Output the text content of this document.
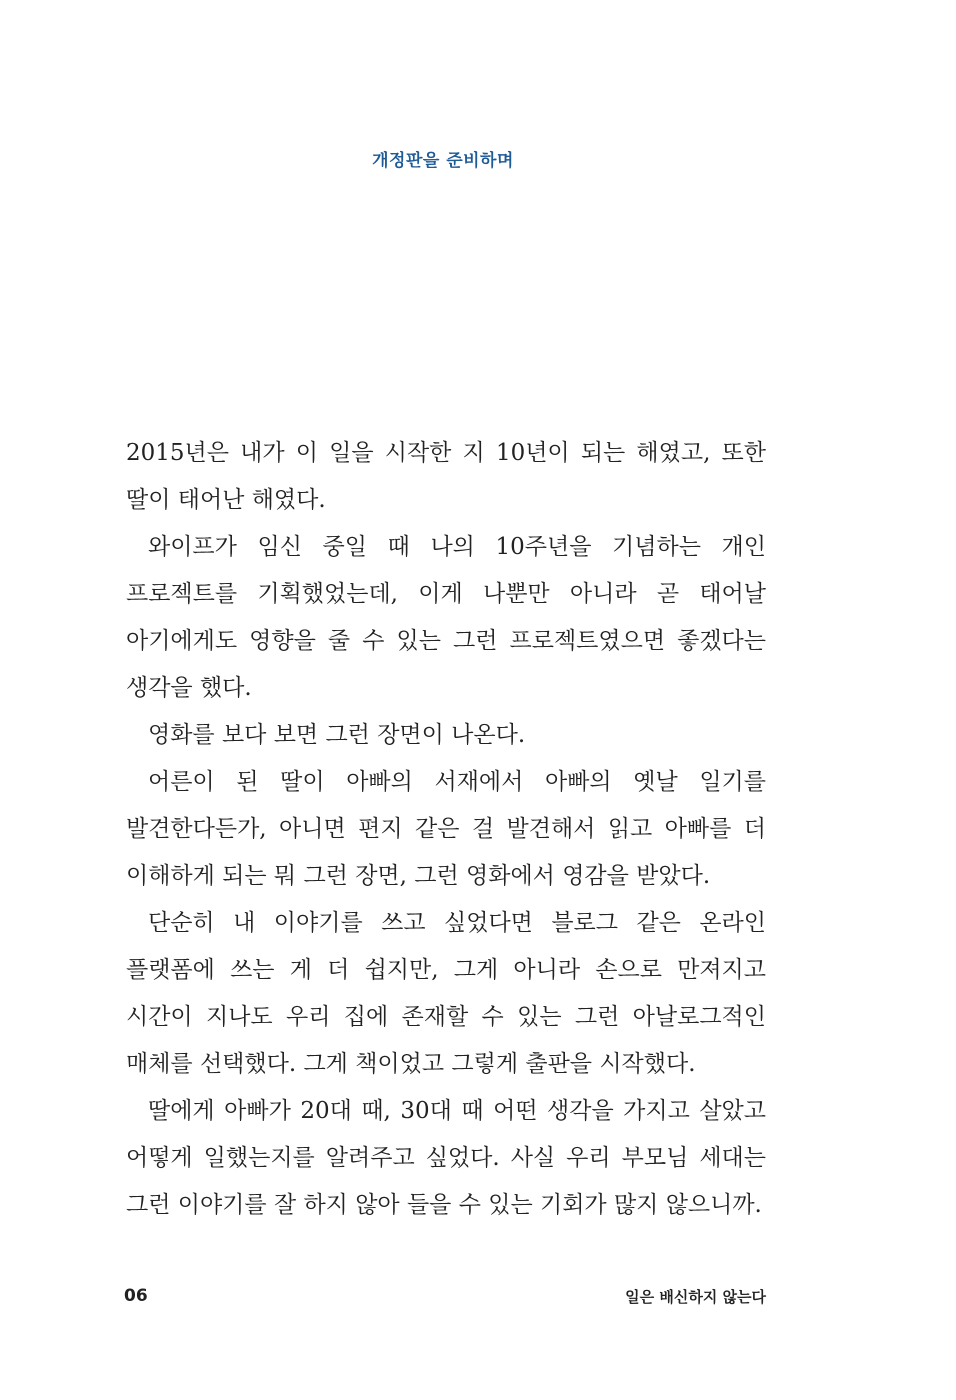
개정판을 준비하며

2015년은 내가 이 일을 시작한 지 10년이 되는 해였고, 또한 딸이 태어난 해였다.

와이프가 임신 중일 때 나의 10주년을 기념하는 개인 프로젝트를 기획했었는데, 이게 나뿐만 아니라 곧 태어날 아기에게도 영향을 줄 수 있는 그런 프로젝트였으면 좋겠다는 생각을 했다.

영화를 보다 보면 그런 장면이 나온다.

어른이 된 딸이 아빠의 서재에서 아빠의 옛날 일기를 발견한다든가, 아니면 편지 같은 걸 발견해서 읽고 아빠를 더 이해하게 되는 뭐 그런 장면, 그런 영화에서 영감을 받았다.

단순히 내 이야기를 쓰고 싶었다면 블로그 같은 온라인 플랫폼에 쓰는 게 더 쉽지만, 그게 아니라 손으로 만져지고 시간이 지나도 우리 집에 존재할 수 있는 그런 아날로그적인 매체를 선택했다. 그게 책이었고 그렇게 출판을 시작했다.

딸에게 아빠가 20대 때, 30대 때 어떤 생각을 가지고 살았고 어떻게 일했는지를 알려주고 싶었다. 사실 우리 부모님 세대는 그런 이야기를 잘 하지 않아 들을 수 있는 기회가 많지 않으니까.

06	일은 배신하지 않는다
